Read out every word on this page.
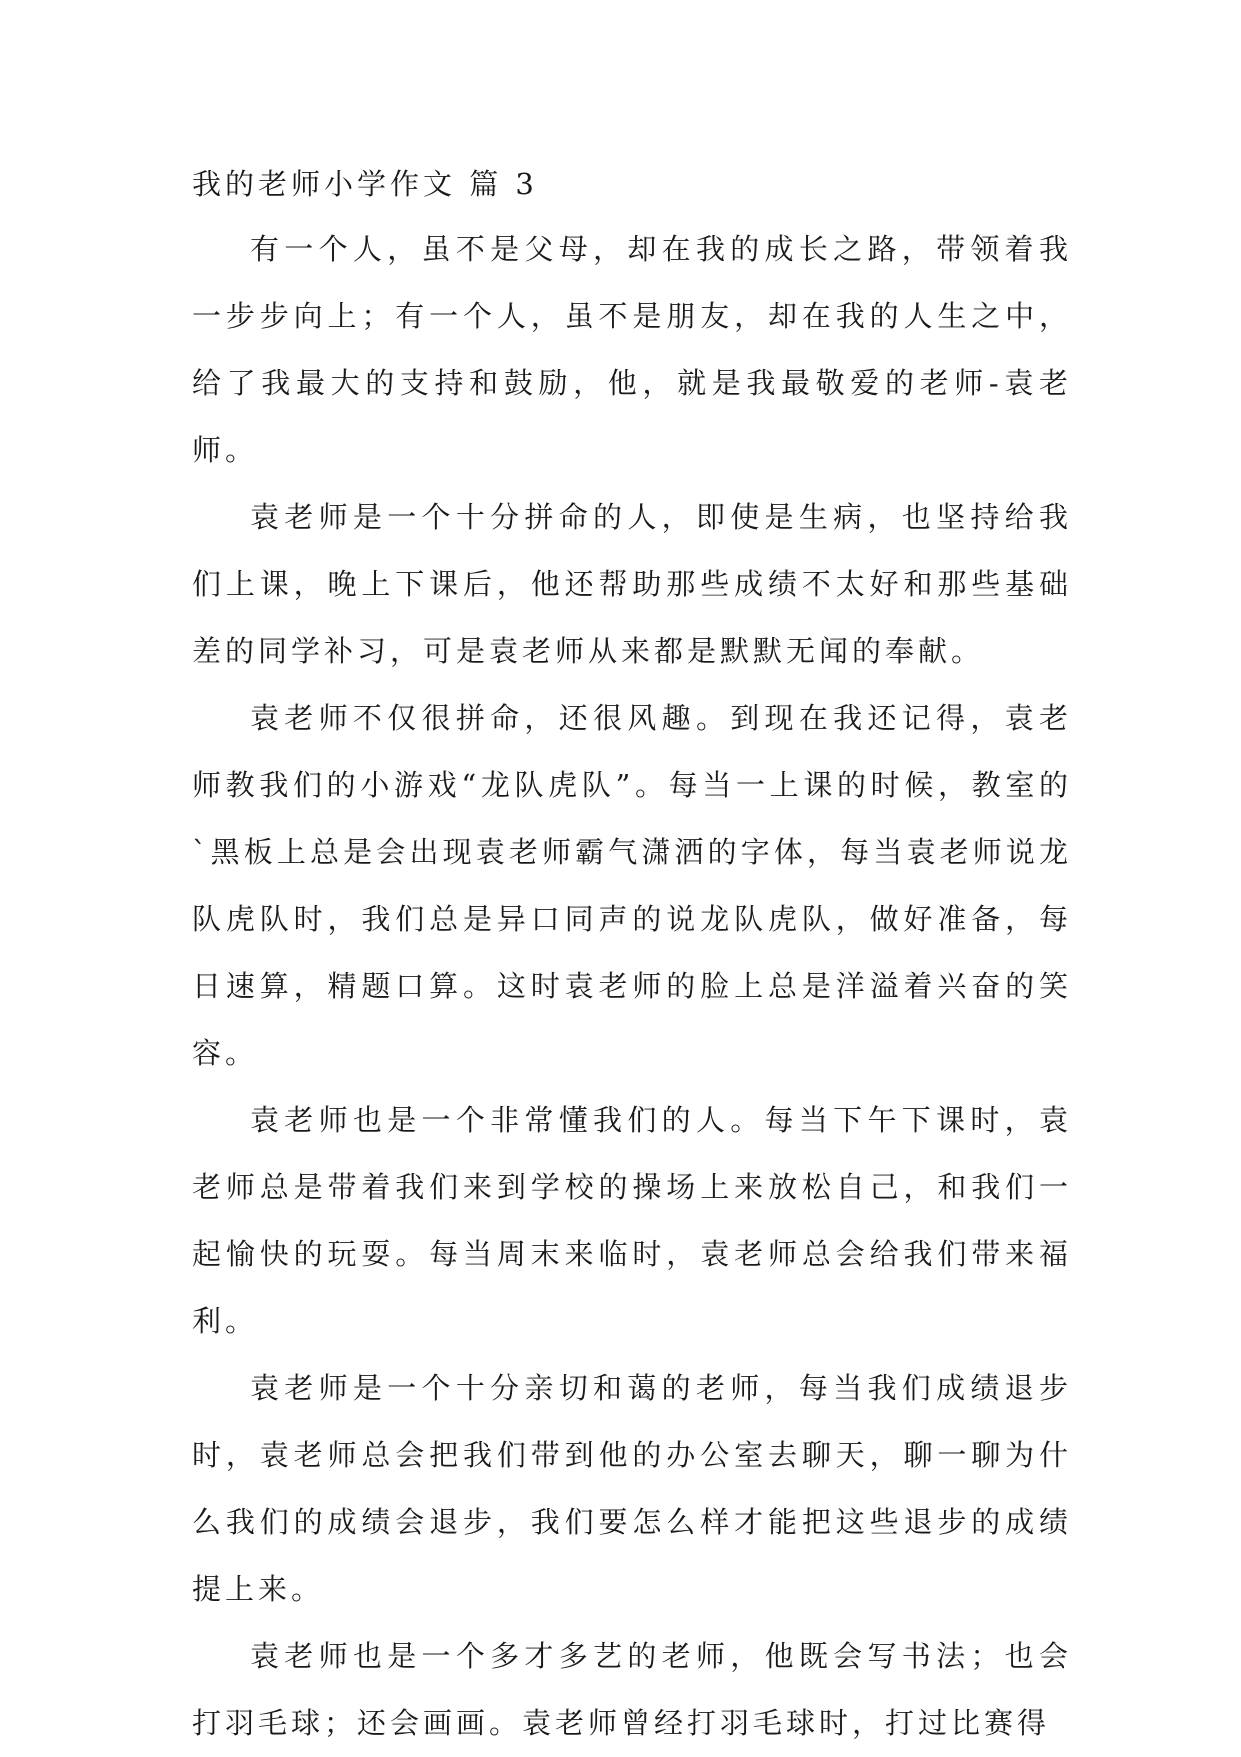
我的老师小学作文 篇 3

有一个人，虽不是父母，却在我的成长之路，带领着我一步步向上；有一个人，虽不是朋友，却在我的人生之中，给了我最大的支持和鼓励，他，就是我最敬爱的老师-袁老师。

袁老师是一个十分拼命的人，即使是生病，也坚持给我们上课，晚上下课后，他还帮助那些成绩不太好和那些基础差的同学补习，可是袁老师从来都是默默无闻的奉献。

袁老师不仅很拼命，还很风趣。到现在我还记得，袁老师教我们的小游戏“龙队虎队”。每当一上课的时候，教室的`黑板上总是会出现袁老师霸气潇洒的字体，每当袁老师说龙队虎队时，我们总是异口同声的说龙队虎队，做好准备，每日速算，精题口算。这时袁老师的脸上总是洋溢着兴奋的笑容。

袁老师也是一个非常懂我们的人。每当下午下课时，袁老师总是带着我们来到学校的操场上来放松自己，和我们一起愉快的玩耍。每当周末来临时，袁老师总会给我们带来福利。

袁老师是一个十分亲切和蔼的老师，每当我们成绩退步时，袁老师总会把我们带到他的办公室去聊天，聊一聊为什么我们的成绩会退步，我们要怎么样才能把这些退步的成绩提上来。

袁老师也是一个多才多艺的老师，他既会写书法；也会打羽毛球；还会画画。袁老师曾经打羽毛球时，打过比赛得
